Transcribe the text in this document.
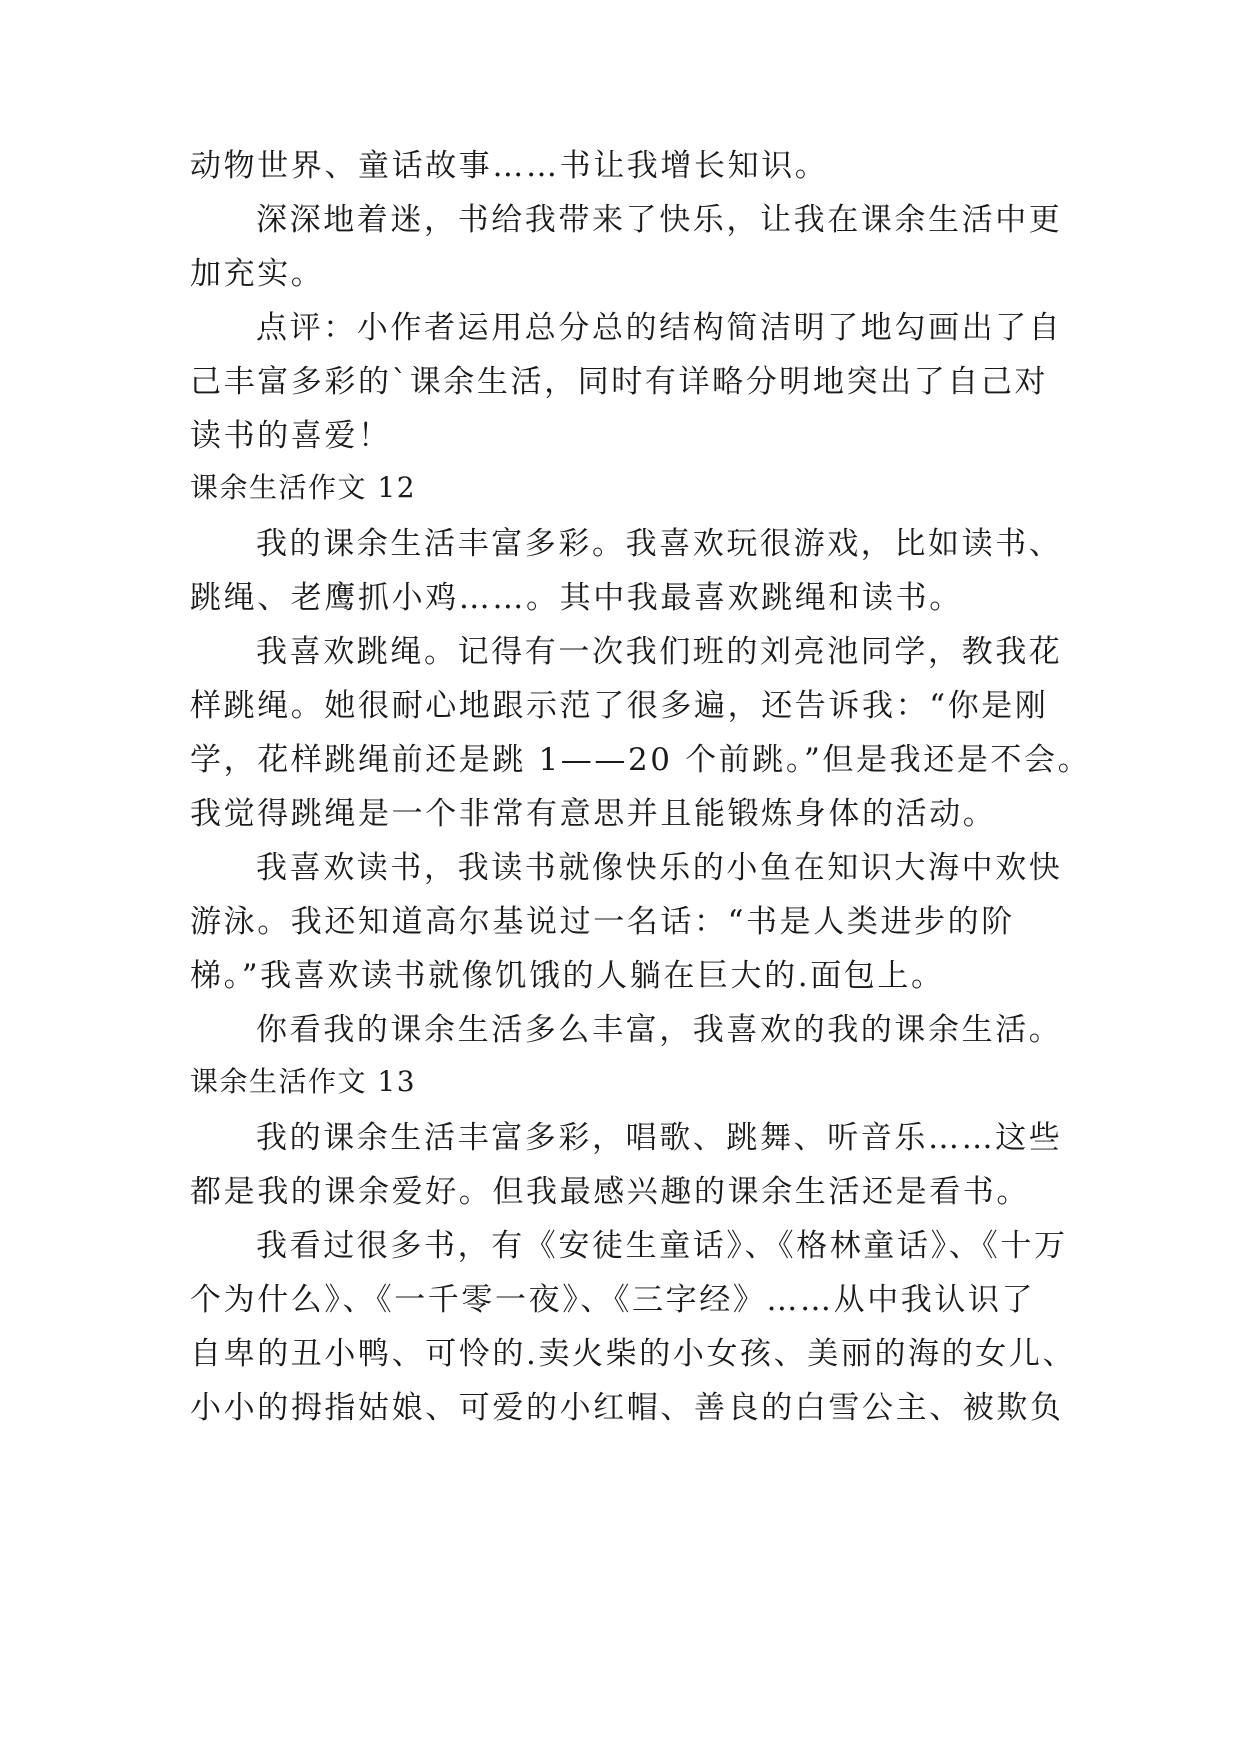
动物世界、童话故事……书让我增长知识。
深深地着迷，书给我带来了快乐，让我在课余生活中更
加充实。
点评：小作者运用总分总的结构简洁明了地勾画出了自
己丰富多彩的`课余生活，同时有详略分明地突出了自己对
读书的喜爱！
课余生活作文 12
我的课余生活丰富多彩。我喜欢玩很游戏，比如读书、
跳绳、老鹰抓小鸡……。其中我最喜欢跳绳和读书。
我喜欢跳绳。记得有一次我们班的刘亮池同学，教我花
样跳绳。她很耐心地跟示范了很多遍，还告诉我：“你是刚
学，花样跳绳前还是跳 1——20 个前跳。”但是我还是不会。
我觉得跳绳是一个非常有意思并且能锻炼身体的活动。
我喜欢读书，我读书就像快乐的小鱼在知识大海中欢快
游泳。我还知道高尔基说过一名话：“书是人类进步的阶
梯。”我喜欢读书就像饥饿的人躺在巨大的.面包上。
你看我的课余生活多么丰富，我喜欢的我的课余生活。
课余生活作文 13
我的课余生活丰富多彩，唱歌、跳舞、听音乐……这些
都是我的课余爱好。但我最感兴趣的课余生活还是看书。
我看过很多书，有《安徒生童话》、《格林童话》、《十万
个为什么》、《一千零一夜》、《三字经》……从中我认识了
自卑的丑小鸭、可怜的.卖火柴的小女孩、美丽的海的女儿、
小小的拇指姑娘、可爱的小红帽、善良的白雪公主、被欺负
